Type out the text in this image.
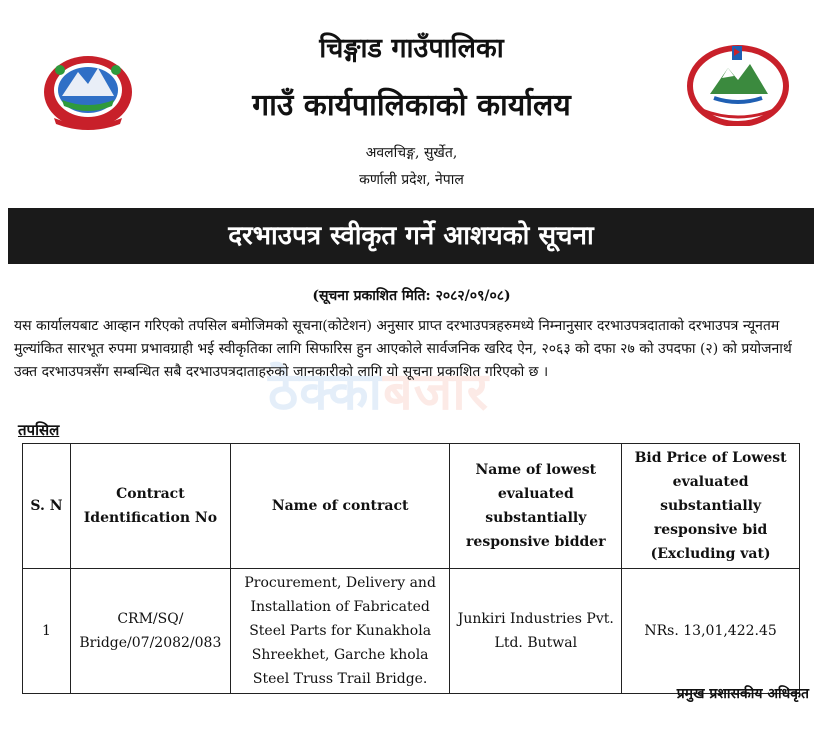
चिङ्गाड गाउँपालिका
गाउँ कार्यपालिकाको कार्यालय
अवलचिङ्ग, सुर्खेत,
कर्णाली प्रदेश, नेपाल
दरभाउपत्र स्वीकृत गर्ने आशयको सूचना
(सूचना प्रकाशित मिति: २०८२/०९/०८)
ठेक्काबजार
यस कार्यालयबाट आव्हान गरिएको तपसिल बमोजिमको सूचना(कोटेशन) अनुसार प्राप्त दरभाउपत्रहरुमध्ये निम्नानुसार दरभाउपत्रदाताको दरभाउपत्र न्यूनतम मुल्यांकित सारभूत रुपमा प्रभावग्राही भई स्वीकृतिका लागि सिफारिस हुन आएकोले सार्वजनिक खरिद ऐन, २०६३ को दफा २७ को उपदफा (२) को प्रयोजनार्थ उक्त दरभाउपत्रसँग सम्बन्धित सबै दरभाउपत्रदाताहरुको जानकारीको लागि यो सूचना प्रकाशित गरिएको छ ।
तपसिल
S. N	Contract Identification No	Name of contract	Name of lowest evaluated substantially responsive bidder	Bid Price of Lowest evaluated substantially responsive bid (Excluding vat)
1	CRM/SQ/ Bridge/07/2082/083	Procurement, Delivery and Installation of Fabricated Steel Parts for Kunakhola Shreekhet, Garche khola Steel Truss Trail Bridge.	Junkiri Industries Pvt. Ltd. Butwal	NRs. 13,01,422.45
प्रमुख प्रशासकीय अधिकृत
